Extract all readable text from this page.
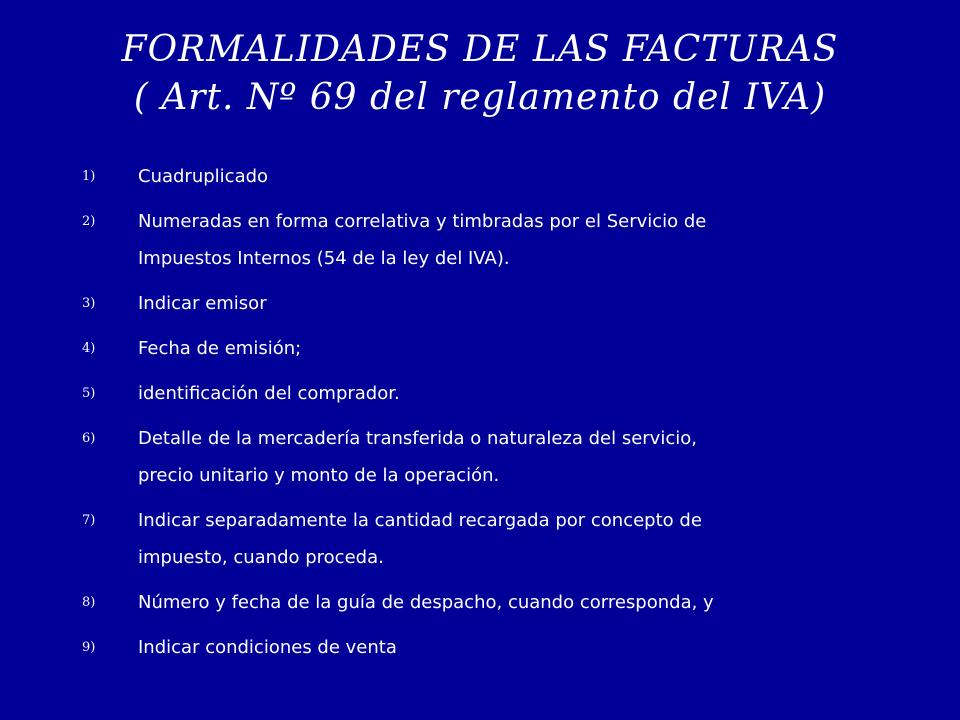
FORMALIDADES DE LAS FACTURAS
( Art. Nº 69 del reglamento del IVA)
1)	Cuadruplicado
2)	Numeradas en forma correlativa y timbradas por el Servicio de
Impuestos Internos (54 de la ley del IVA).
3)	Indicar emisor
4)	Fecha de emisión;
5)	identificación del comprador.
6)	Detalle de la mercadería transferida o naturaleza del servicio,
precio unitario y monto de la operación.
7)	Indicar separadamente la cantidad recargada por concepto de
impuesto, cuando proceda.
8)	Número y fecha de la guía de despacho, cuando corresponda, y
9)	Indicar condiciones de venta
